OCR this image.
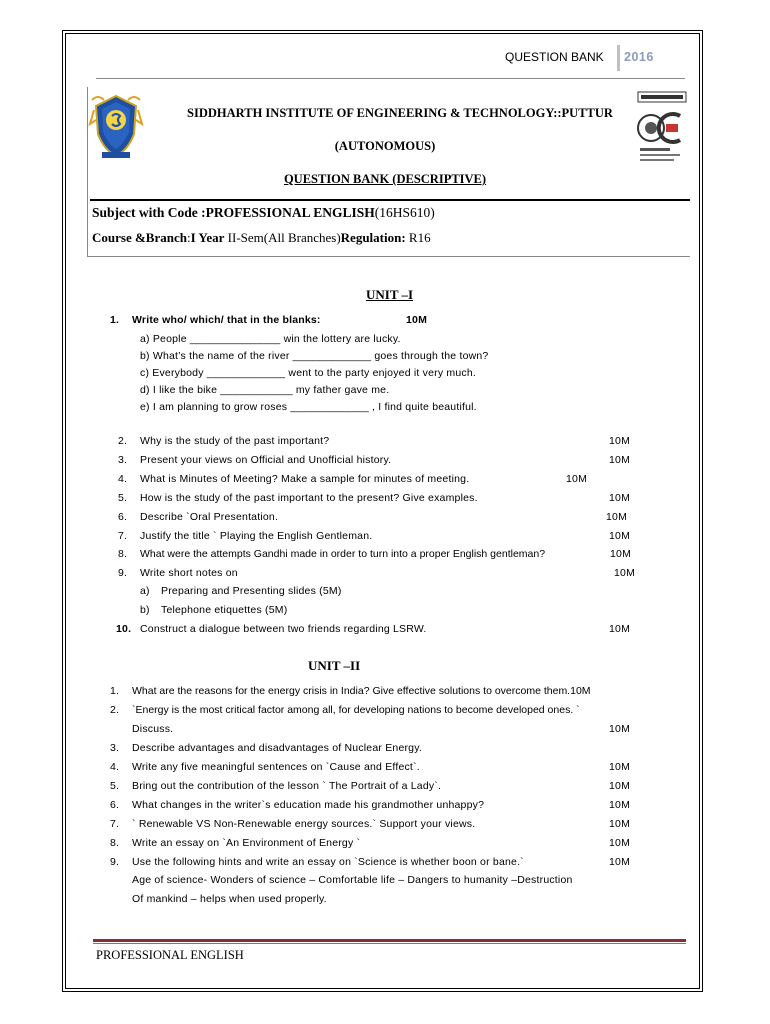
QUESTION BANK 2016
SIDDHARTH INSTITUTE OF ENGINEERING & TECHNOLOGY::PUTTUR
(AUTONOMOUS)
QUESTION BANK (DESCRIPTIVE)
Subject with Code :PROFESSIONAL ENGLISH(16HS610)
Course &Branch:I Year II-Sem(All Branches)Regulation: R16
UNIT –I
1. Write who/ which/ that in the blanks:	10M
a) People _______________ win the lottery are lucky.
b) What’s the name of the river _____________ goes through the town?
c) Everybody _____________ went to the party enjoyed it very much.
d) I like the bike ____________ my father gave me.
e) I am planning to grow roses _____________ , I find quite beautiful.
2. Why is the study of the past important?	10M
3. Present your views on Official and Unofficial history.	10M
4. What is Minutes of Meeting? Make a sample for minutes of meeting.	10M
5. How is the study of the past important to the present? Give examples.	10M
6. Describe `Oral Presentation.	10M
7. Justify the title ` Playing the English Gentleman.	10M
8. What were the attempts Gandhi made in order to turn into a proper English gentleman?	10M
9. Write short notes on	10M
a) Preparing and Presenting slides (5M)
b) Telephone etiquettes (5M)
10. Construct a dialogue between two friends regarding LSRW.	10M
UNIT –II
1. What are the reasons for the energy crisis in India? Give effective solutions to overcome them.10M
2. `Energy is the most critical factor among all, for developing nations to become developed ones. `
Discuss.	10M
3. Describe advantages and disadvantages of Nuclear Energy.
4. Write any five meaningful sentences on `Cause and Effect`.	10M
5. Bring out the contribution of the lesson ` The Portrait of a Lady`.	10M
6. What changes in the writer`s education made his grandmother unhappy?	10M
7. ` Renewable VS Non-Renewable energy sources.` Support your views.	10M
8. Write an essay on `An Environment of Energy `	10M
9. Use the following hints and write an essay on `Science is whether boon or bane.`	10M
Age of science- Wonders of science – Comfortable life – Dangers to humanity –Destruction
Of mankind – helps when used properly.
PROFESSIONAL ENGLISH
